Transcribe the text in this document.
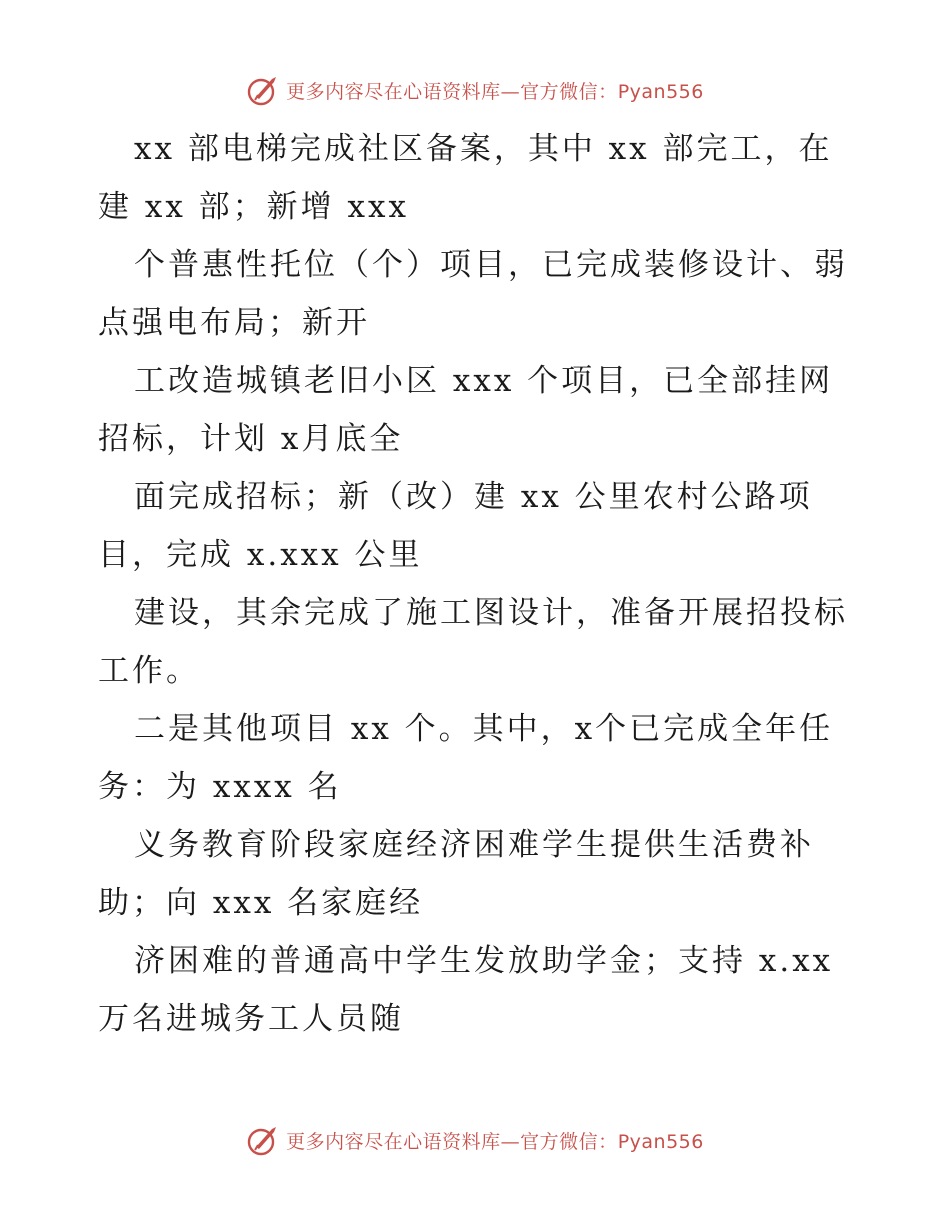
更多内容尽在心语资料库—官方微信：Pyan556
xx 部电梯完成社区备案，其中 xx 部完工，在
建 xx 部；新增 xxx
个普惠性托位（个）项目，已完成装修设计、弱
点强电布局；新开
工改造城镇老旧小区 xxx 个项目，已全部挂网
招标，计划 x月底全
面完成招标；新（改）建 xx 公里农村公路项
目，完成 x.xxx 公里
建设，其余完成了施工图设计，准备开展招投标
工作。
二是其他项目 xx 个。其中，x个已完成全年任
务：为 xxxx 名
义务教育阶段家庭经济困难学生提供生活费补
助；向 xxx 名家庭经
济困难的普通高中学生发放助学金；支持 x.xx
万名进城务工人员随
更多内容尽在心语资料库—官方微信：Pyan556
